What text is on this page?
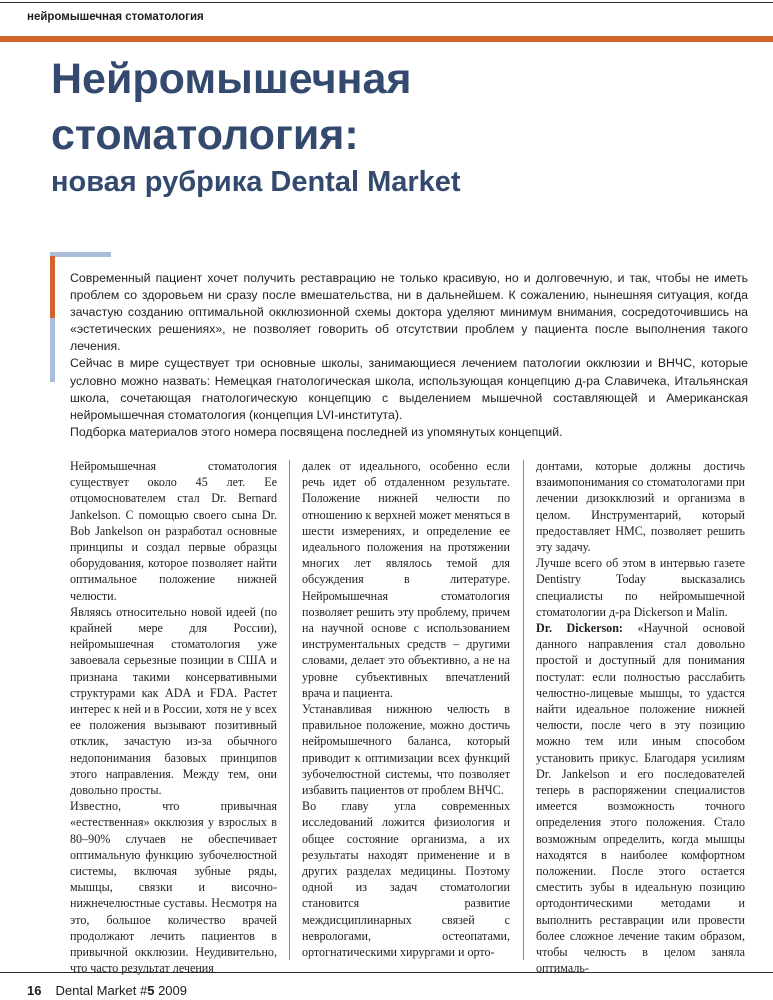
нейромышечная стоматология
Нейромышечная
стоматология:
новая рубрика Dental Market

Современный пациент хочет получить реставрацию не только красивую, но и долговечную, и так, чтобы не иметь проблем со здоровьем ни сразу после вмешательства, ни в дальнейшем. К сожалению, нынешняя ситуация, когда зачастую созданию оптимальной окклюзионной схемы доктора уделяют минимум внимания, сосредоточившись на «эстетических решениях», не позволяет говорить об отсутствии проблем у пациента после выполнения такого лечения.

Сейчас в мире существует три основные школы, занимающиеся лечением патологии окклюзии и ВНЧС, которые условно можно назвать: Немецкая гнатологическая школа, использующая концепцию д-ра Славичека, Итальянская школа, сочетающая гнатологическую концепцию с выделением мышечной составляющей и Американская нейромышечная стоматология (концепция LVI-института).

Подборка материалов этого номера посвящена последней из упомянутых концепций.

Нейромышечная стоматология существует около 45 лет. Ее отцомоснователем стал Dr. Bernard Jankelson. С помощью своего сына Dr. Bob Jankelson он разработал основные принципы и создал первые образцы оборудования, которое позволяет найти оптимальное положение нижней челюсти.

Являясь относительно новой идеей (по крайней мере для России), нейромышечная стоматология уже завоевала серьезные позиции в США и признана такими консервативными структурами как ADA и FDA. Растет интерес к ней и в России, хотя не у всех ее положения вызывают позитивный отклик, зачастую из-за обычного недопонимания базовых принципов этого направления. Между тем, они довольно просты.

Известно, что привычная «естественная» окклюзия у взрослых в 80–90% случаев не обеспечивает оптимальную функцию зубочелюстной системы, включая зубные ряды, мышцы, связки и височно-нижнечелюстные суставы. Несмотря на это, большое количество врачей продолжают лечить пациентов в привычной окклюзии. Неудивительно, что часто результат лечения

далек от идеального, особенно если речь идет об отдаленном результате. Положение нижней челюсти по отношению к верхней может меняться в шести измерениях, и определение ее идеального положения на протяжении многих лет являлось темой для обсуждения в литературе. Нейромышечная стоматология позволяет решить эту проблему, причем на научной основе с использованием инструментальных средств – другими словами, делает это объективно, а не на уровне субъективных впечатлений врача и пациента.

Устанавливая нижнюю челюсть в правильное положение, можно достичь нейромышечного баланса, который приводит к оптимизации всех функций зубочелюстной системы, что позволяет избавить пациентов от проблем ВНЧС.

Во главу угла современных исследований ложится физиология и общее состояние организма, а их результаты находят применение и в других разделах медицины. Поэтому одной из задач стоматологии становится развитие междисциплинарных связей с неврологами, остеопатами, ортогнатическими хирургами и орто-

донтами, которые должны достичь взаимопонимания со стоматологами при лечении дизокклюзий и организма в целом. Инструментарий, который предоставляет НМС, позволяет решить эту задачу.

Лучше всего об этом в интервью газете Dentistry Today высказались специалисты по нейромышечной стоматологии д-ра Dickerson и Malin.

Dr. Dickerson: «Научной основой данного направления стал довольно простой и доступный для понимания постулат: если полностью расслабить челюстно-лицевые мышцы, то удастся найти идеальное положение нижней челюсти, после чего в эту позицию можно тем или иным способом установить прикус. Благодаря усилиям Dr. Jankelson и его последователей теперь в распоряжении специалистов имеется возможность точного определения этого положения. Стало возможным определить, когда мышцы находятся в наиболее комфортном положении. После этого остается сместить зубы в идеальную позицию ортодонтическими методами и выполнить реставрации или провести более сложное лечение таким образом, чтобы челюсть в целом заняла оптималь-

16 Dental Market #5 2009
